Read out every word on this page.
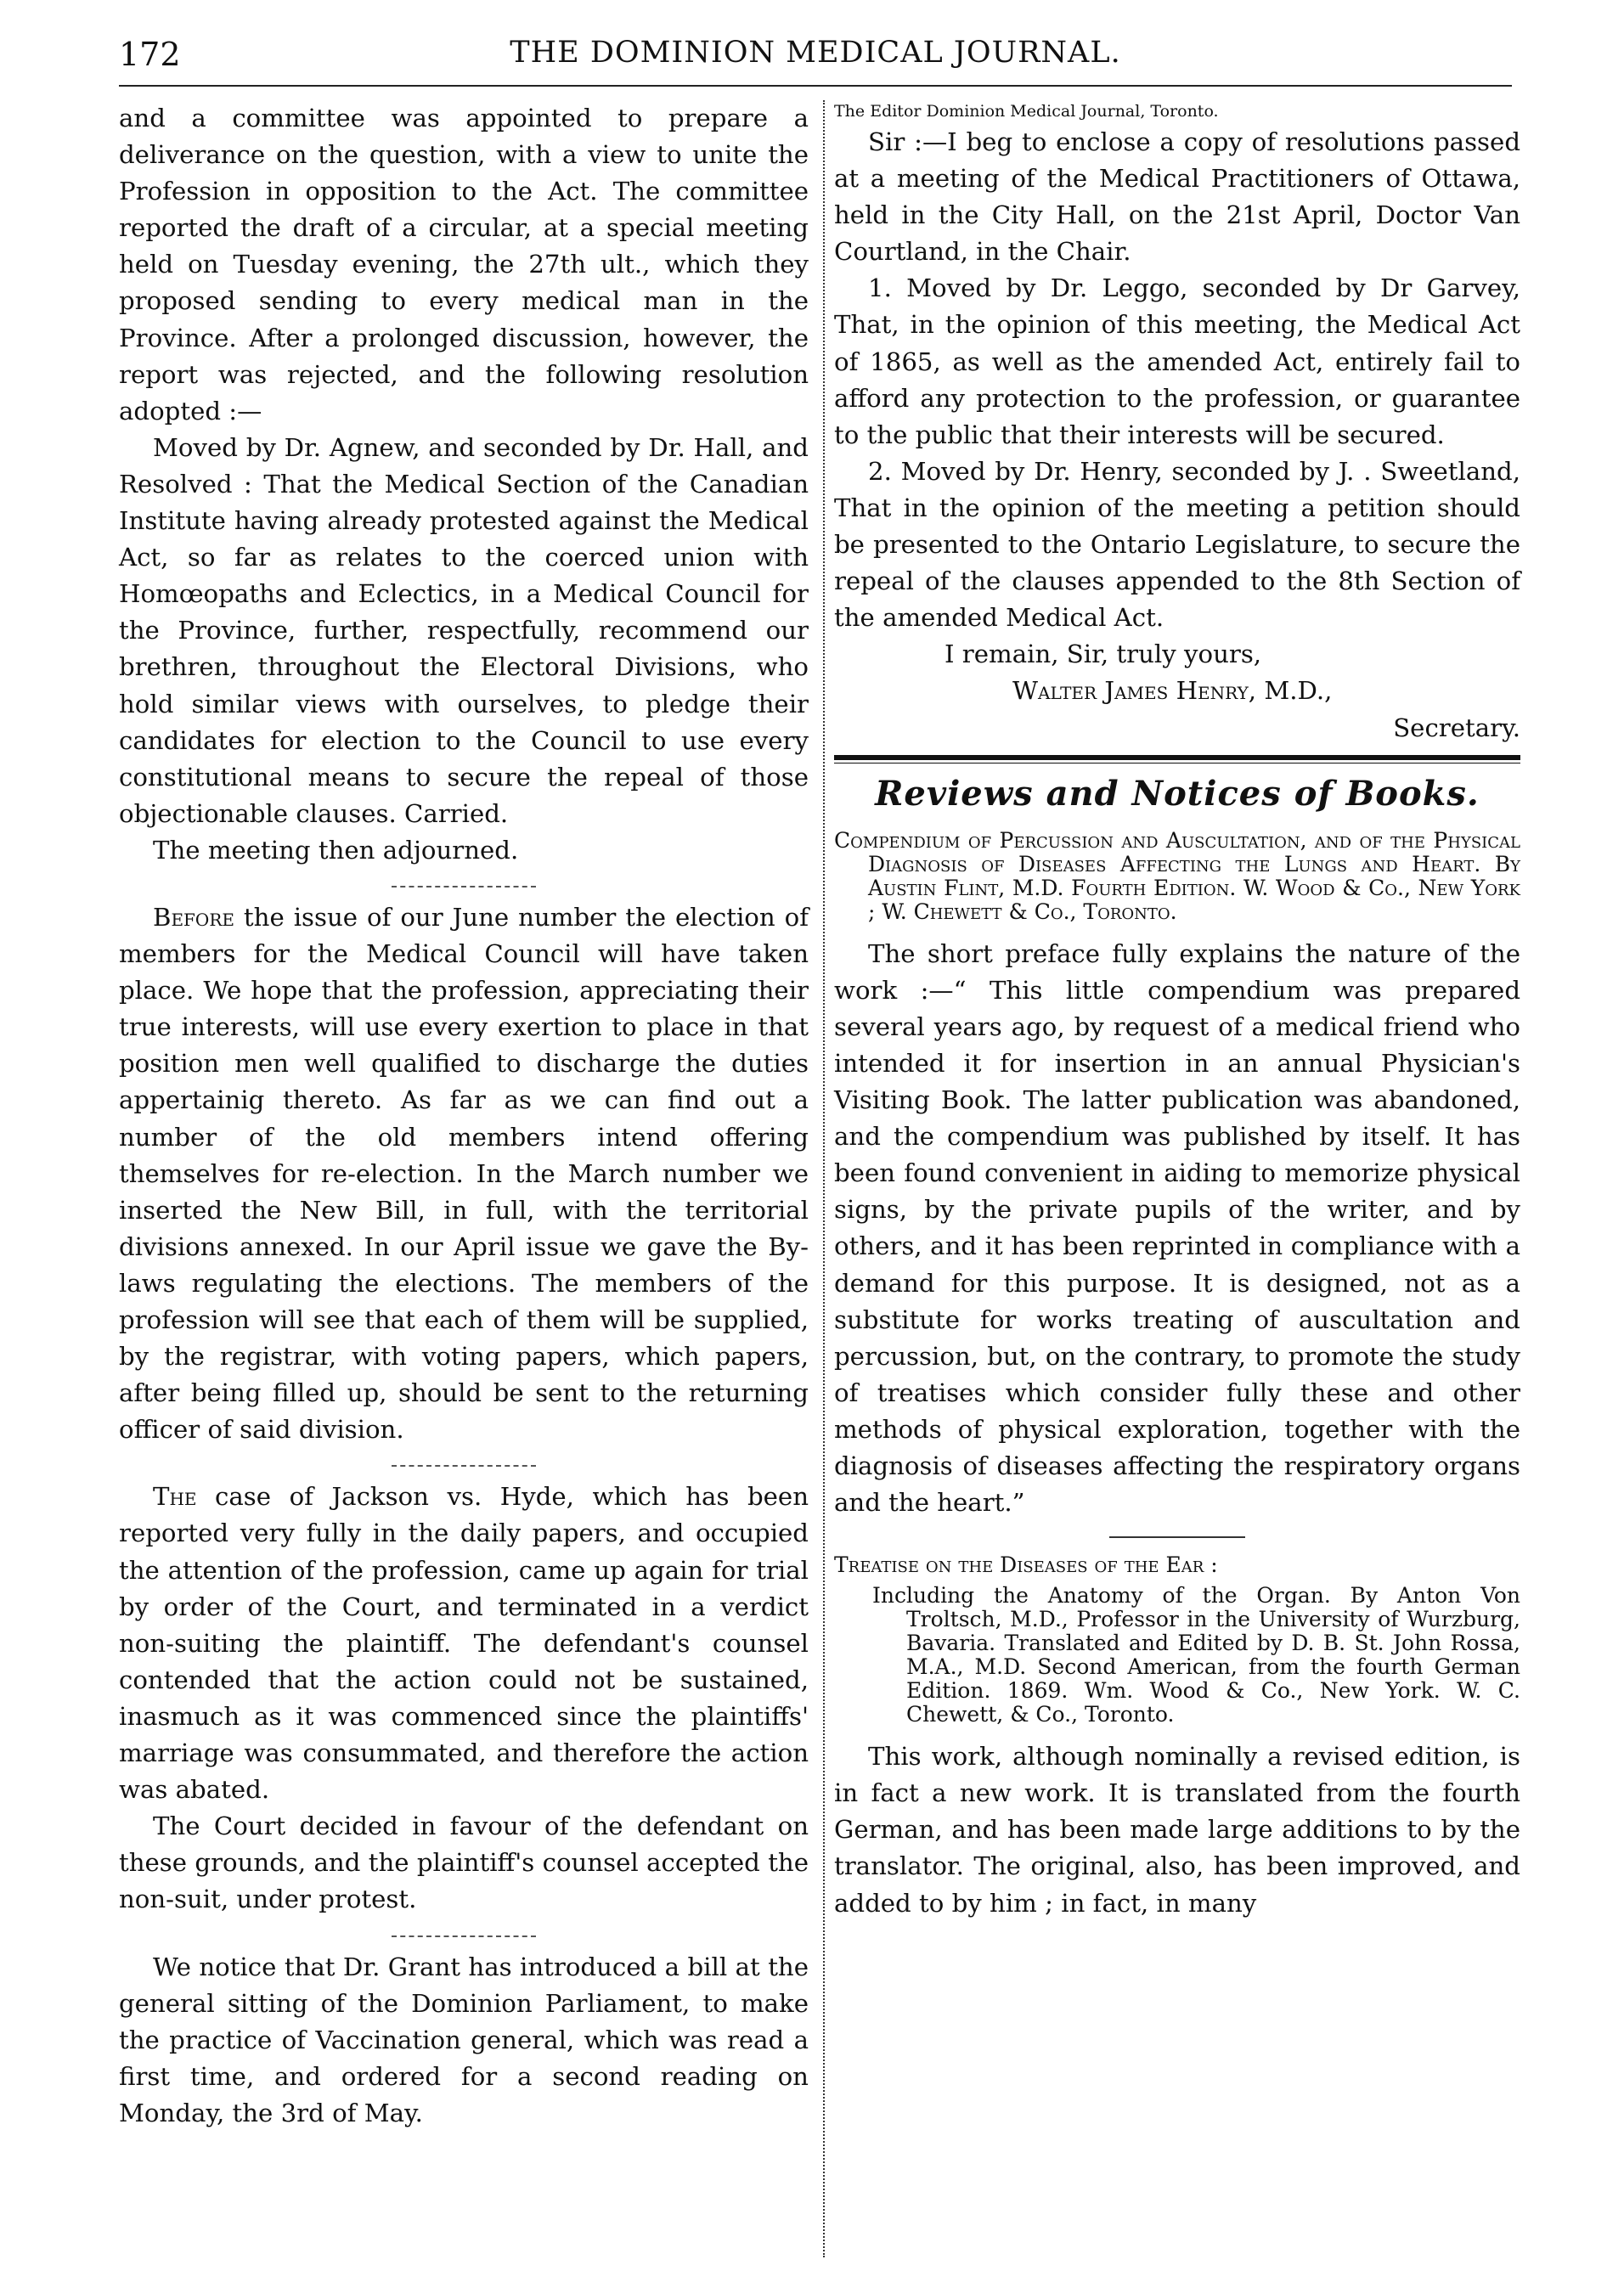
172	THE DOMINION MEDICAL JOURNAL.

and a committee was appointed to prepare a deliverance on the question, with a view to unite the Profession in opposition to the Act. The committee reported the draft of a circular, at a special meeting held on Tuesday evening, the 27th ult., which they proposed sending to every medical man in the Province. After a prolonged discussion, however, the report was rejected, and the following resolution adopted :—

Moved by Dr. Agnew, and seconded by Dr. Hall, and Resolved : That the Medical Section of the Canadian Institute having already protested against the Medical Act, so far as relates to the coerced union with Homœopaths and Eclectics, in a Medical Council for the Province, further, respectfully, recommend our brethren, throughout the Electoral Divisions, who hold similar views with ourselves, to pledge their candidates for election to the Council to use every constitutional means to secure the repeal of those objectionable clauses. Carried.

The meeting then adjourned.

Before the issue of our June number the election of members for the Medical Council will have taken place. We hope that the profession, appreciating their true interests, will use every exertion to place in that position men well qualified to discharge the duties appertainig thereto. As far as we can find out a number of the old members intend offering themselves for re-election. In the March number we inserted the New Bill, in full, with the territorial divisions annexed. In our April issue we gave the By-laws regulating the elections. The members of the profession will see that each of them will be supplied, by the registrar, with voting papers, which papers, after being filled up, should be sent to the returning officer of said division.

The case of Jackson vs. Hyde, which has been reported very fully in the daily papers, and occupied the attention of the profession, came up again for trial by order of the Court, and terminated in a verdict non-suiting the plaintiff. The defendant's counsel contended that the action could not be sustained, inasmuch as it was commenced since the plaintiffs' marriage was consummated, and therefore the action was abated.

The Court decided in favour of the defendant on these grounds, and the plaintiff's counsel accepted the non-suit, under protest.

We notice that Dr. Grant has introduced a bill at the general sitting of the Dominion Parliament, to make the practice of Vaccination general, which was read a first time, and ordered for a second reading on Monday, the 3rd of May.

The Editor Dominion Medical Journal, Toronto.

Sir :—I beg to enclose a copy of resolutions passed at a meeting of the Medical Practitioners of Ottawa, held in the City Hall, on the 21st April, Doctor Van Courtland, in the Chair.

1. Moved by Dr. Leggo, seconded by Dr Garvey, That, in the opinion of this meeting, the Medical Act of 1865, as well as the amended Act, entirely fail to afford any protection to the profession, or guarantee to the public that their interests will be secured.

2. Moved by Dr. Henry, seconded by J. . Sweetland, That in the opinion of the meeting a petition should be presented to the Ontario Legislature, to secure the repeal of the clauses appended to the 8th Section of the amended Medical Act.

I remain, Sir, truly yours,

Walter James Henry, M.D.,

Secretary.

Reviews and Notices of Books.

Compendium of Percussion and Auscultation, and of the Physical Diagnosis of Diseases Affecting the Lungs and Heart. By Austin Flint, M.D. Fourth Edition. W. Wood & Co., New York ; W. Chewett & Co., Toronto.

The short preface fully explains the nature of the work :—“ This little compendium was prepared several years ago, by request of a medical friend who intended it for insertion in an annual Physician's Visiting Book. The latter publication was abandoned, and the compendium was published by itself. It has been found convenient in aiding to memorize physical signs, by the private pupils of the writer, and by others, and it has been reprinted in compliance with a demand for this purpose. It is designed, not as a substitute for works treating of auscultation and percussion, but, on the contrary, to promote the study of treatises which consider fully these and other methods of physical exploration, together with the diagnosis of diseases affecting the respiratory organs and the heart.”

Treatise on the Diseases of the Ear :

Including the Anatomy of the Organ. By Anton Von Troltsch, M.D., Professor in the University of Wurzburg, Bavaria. Translated and Edited by D. B. St. John Rossa, M.A., M.D. Second American, from the fourth German Edition. 1869. Wm. Wood & Co., New York. W. C. Chewett, & Co., Toronto.

This work, although nominally a revised edition, is in fact a new work. It is translated from the fourth German, and has been made large additions to by the translator. The original, also, has been improved, and added to by him ; in fact, in many
